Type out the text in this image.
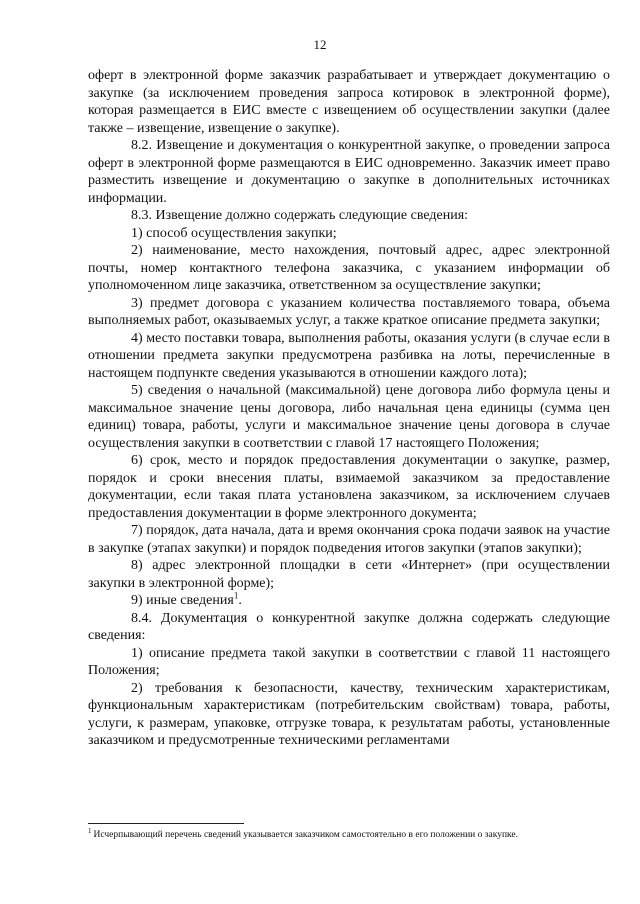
12

оферт в электронной форме заказчик разрабатывает и утверждает документацию о закупке (за исключением проведения запроса котировок в электронной форме), которая размещается в ЕИС вместе с извещением об осуществлении закупки (далее также – извещение, извещение о закупке).

8.2. Извещение и документация о конкурентной закупке, о проведении запроса оферт в электронной форме размещаются в ЕИС одновременно. Заказчик имеет право разместить извещение и документацию о закупке в дополнительных источниках информации.

8.3. Извещение должно содержать следующие сведения:

1) способ осуществления закупки;

2) наименование, место нахождения, почтовый адрес, адрес электронной почты, номер контактного телефона заказчика, с указанием информации об уполномоченном лице заказчика, ответственном за осуществление закупки;

3) предмет договора с указанием количества поставляемого товара, объема выполняемых работ, оказываемых услуг, а также краткое описание предмета закупки;

4) место поставки товара, выполнения работы, оказания услуги (в случае если в отношении предмета закупки предусмотрена разбивка на лоты, перечисленные в настоящем подпункте сведения указываются в отношении каждого лота);

5) сведения о начальной (максимальной) цене договора либо формула цены и максимальное значение цены договора, либо начальная цена единицы (сумма цен единиц) товара, работы, услуги и максимальное значение цены договора в случае осуществления закупки в соответствии с главой 17 настоящего Положения;

6) срок, место и порядок предоставления документации о закупке, размер, порядок и сроки внесения платы, взимаемой заказчиком за предоставление документации, если такая плата установлена заказчиком, за исключением случаев предоставления документации в форме электронного документа;

7) порядок, дата начала, дата и время окончания срока подачи заявок на участие в закупке (этапах закупки) и порядок подведения итогов закупки (этапов закупки);

8) адрес электронной площадки в сети «Интернет» (при осуществлении закупки в электронной форме);

9) иные сведения$^1$.

8.4. Документация о конкурентной закупке должна содержать следующие сведения:

1) описание предмета такой закупки в соответствии с главой 11 настоящего Положения;

2) требования к безопасности, качеству, техническим характеристикам, функциональным характеристикам (потребительским свойствам) товара, работы, услуги, к размерам, упаковке, отгрузке товара, к результатам работы, установленные заказчиком и предусмотренные техническими регламентами

$^1$ Исчерпывающий перечень сведений указывается заказчиком самостоятельно в его положении о закупке.
